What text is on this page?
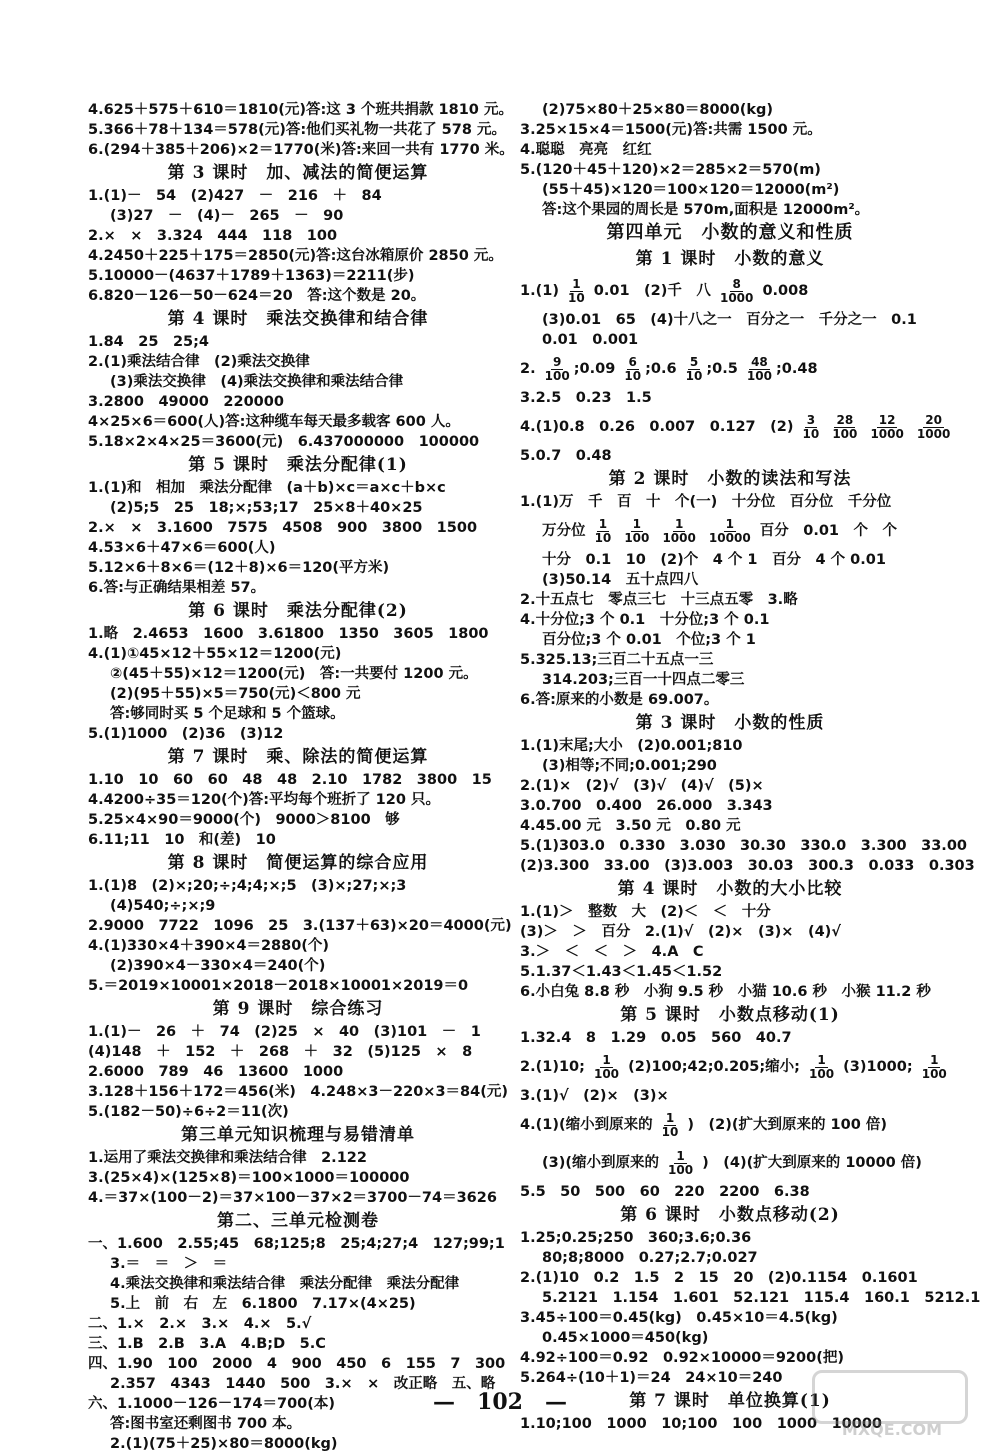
4.625＋575＋610＝1810(元)答:这 3 个班共捐款 1810 元。
5.366＋78＋134＝578(元)答:他们买礼物一共花了 578 元。
6.(294＋385＋206)×2＝1770(米)答:来回一共有 1770 米。
第 3 课时　加、减法的简便运算
1.(1)－　54　(2)427　－　216　＋　84
(3)27　－　(4)－　265　－　90
2.×　×　3.324　444　118　100
4.2450＋225＋175＝2850(元)答:这台冰箱原价 2850 元。
5.10000－(4637＋1789＋1363)＝2211(步)
6.820－126－50－624＝20　答:这个数是 20。
第 4 课时　乘法交换律和结合律
1.84　25　25;4
2.(1)乘法结合律　(2)乘法交换律
(3)乘法交换律　(4)乘法交换律和乘法结合律
3.2800　49000　220000
4×25×6＝600(人)答:这种缆车每天最多载客 600 人。
5.18×2×4×25＝3600(元)　6.437000000　100000
第 5 课时　乘法分配律(1)
1.(1)和　相加　乘法分配律　(a＋b)×c＝a×c＋b×c
(2)5;5　25　18;×;53;17　25×8＋40×25
2.×　×　3.1600　7575　4508　900　3800　1500
4.53×6＋47×6＝600(人)
5.12×6＋8×6＝(12＋8)×6＝120(平方米)
6.答:与正确结果相差 57。
第 6 课时　乘法分配律(2)
1.略　2.4653　1600　3.61800　1350　3605　1800
4.(1)①45×12＋55×12＝1200(元)
②(45＋55)×12＝1200(元)　答:一共要付 1200 元。
(2)(95＋55)×5＝750(元)＜800 元
答:够同时买 5 个足球和 5 个篮球。
5.(1)1000　(2)36　(3)12
第 7 课时　乘、除法的简便运算
1.10　10　60　60　48　48　2.10　1782　3800　15
4.4200÷35＝120(个)答:平均每个班折了 120 只。
5.25×4×90＝9000(个)　9000＞8100　够
6.11;11　10　和(差)　10
第 8 课时　简便运算的综合应用
1.(1)8　(2)×;20;÷;4;4;×;5　(3)×;27;×;3
(4)540;÷;×;9
2.9000　7722　1096　25　3.(137＋63)×20＝4000(元)
4.(1)330×4＋390×4＝2880(个)
(2)390×4－330×4＝240(个)
5.＝2019×10001×2018－2018×10001×2019＝0
第 9 课时　综合练习
1.(1)－　26　＋　74　(2)25　×　40　(3)101　－　1
(4)148　＋　152　＋　268　＋　32　(5)125　×　8
2.6000　789　46　13600　1000
3.128＋156＋172＝456(米)　4.248×3－220×3＝84(元)
5.(182－50)÷6÷2＝11(次)
第三单元知识梳理与易错清单
1.运用了乘法交换律和乘法结合律　2.122
3.(25×4)×(125×8)＝100×1000＝100000
4.＝37×(100－2)＝37×100－37×2＝3700－74＝3626
第二、三单元检测卷
一、1.600　2.55;45　68;125;8　25;4;27;4　127;99;1
3.＝　＝　＞　＝
4.乘法交换律和乘法结合律　乘法分配律　乘法分配律
5.上　前　右　左　6.1800　7.17×(4×25)
二、1.×　2.×　3.×　4.×　5.√
三、1.B　2.B　3.A　4.B;D　5.C
四、1.90　100　2000　4　900　450　6　155　7　300
2.357　4343　1440　500　3.×　×　改正略　五、略
六、1.1000－126－174＝700(本)
答:图书室还剩图书 700 本。
2.(1)(75＋25)×80＝8000(kg)
(2)75×80＋25×80＝8000(kg)
3.25×15×4＝1500(元)答:共需 1500 元。
4.聪聪　亮亮　红红
5.(120＋45＋120)×2＝285×2＝570(m)
(55＋45)×120＝100×120＝12000(m²)
答:这个果园的周长是 570m,面积是 12000m²。
第四单元　小数的意义和性质
第 1 课时　小数的意义
$1.(1) \frac{1}{10} 0.01$　(2)千　八 $\frac{8}{1000} 0.008$
(3)0.01　65　(4)十八之一　百分之一　千分之一　0.1
0.01　0.001
2. $\frac{9}{100}$ ;0.09 $\frac{6}{10}$ ;0.6 $\frac{5}{10}$ ;0.5 $\frac{48}{100}$ ;0.48
3.2.5　0.23　1.5
4.(1)0.8　0.26　0.007　0.127　$(2) \frac{3}{10}$
$\frac{28}{100}$
$\frac{12}{1000}$
$\frac{20}{1000}$
5.0.7　0.48
第 2 课时　小数的读法和写法
1.(1)万　千　百　十　个(一)　十分位　百分位　千分位
万分位 $\frac{1}{10}$
$\frac{1}{100}$
$\frac{1}{1000}$
$\frac{1}{10000}$ 百分　0.01　个　个
十分　0.1　10　(2)个　4 个 1　百分　4 个 0.01
(3)50.14　五十点四八
2.十五点七　零点三七　十三点五零　3.略
4.十分位;3 个 0.1　十分位;3 个 0.1
百分位;3 个 0.01　个位;3 个 1
5.325.13;三百二十五点一三
314.203;三百一十四点二零三
6.答:原来的小数是 69.007。
第 3 课时　小数的性质
1.(1)末尾;大小　(2)0.001;810
(3)相等;不同;0.001;290
2.(1)×　(2)√　(3)√　(4)√　(5)×
3.0.700　0.400　26.000　3.343
4.45.00 元　3.50 元　0.80 元
5.(1)303.0　0.330　3.030　30.30　330.0　3.300　33.00
(2)3.300　33.00　(3)3.003　30.03　300.3　0.033　0.303
第 4 课时　小数的大小比较
1.(1)＞　整数　大　(2)＜　＜　十分
(3)＞　＞　百分　2.(1)√　(2)×　(3)×　(4)√
3.＞　＜　＜　＞　4.A　C
5.1.37＜1.43＜1.45＜1.52
6.小白兔 8.8 秒　小狗 9.5 秒　小猫 10.6 秒　小猴 11.2 秒
第 5 课时　小数点移动(1)
1.32.4　8　1.29　0.05　560　40.7
2.(1)10; $\frac{1}{100}$ (2)100;42;0.205;缩小; $\frac{1}{100} (3)1000$; $\frac{1}{100}$
3.(1)√　(2)×　(3)×
4.(1)(缩小到原来的 $\frac{1}{10}$ )　(2)(扩大到原来的 100 倍)
(3)(缩小到原来的 $\frac{1}{100}$ )　(4)(扩大到原来的 10000 倍)
5.5　50　500　60　220　2200　6.38
第 6 课时　小数点移动(2)
1.25;0.25;250　360;3.6;0.36
80;8;8000　0.27;2.7;0.027
2.(1)10　0.2　1.5　2　15　20　(2)0.1154　0.1601
5.2121　1.154　1.601　52.121　115.4　160.1　5212.1
3.45÷100＝0.45(kg)　0.45×10＝4.5(kg)
0.45×1000＝450(kg)
4.92÷100＝0.92　0.92×10000＝9200(把)
5.264÷(10＋1)＝24　24×10＝240
第 7 课时　单位换算(1)
1.10;100　1000　10;100　100　1000　10000
—　102　—
MXQE.COM
